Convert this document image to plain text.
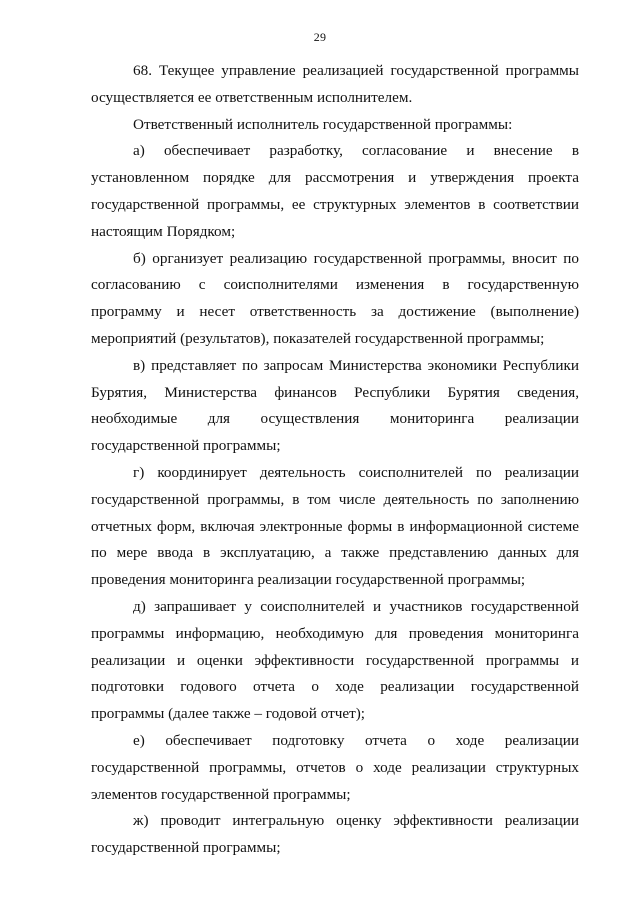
29

68. Текущее управление реализацией государственной программы осуществляется ее ответственным исполнителем.

Ответственный исполнитель государственной программы:

а) обеспечивает разработку, согласование и внесение в установленном порядке для рассмотрения и утверждения проекта государственной программы, ее структурных элементов в соответствии настоящим Порядком;

б) организует реализацию государственной программы, вносит по согласованию с соисполнителями изменения в государственную программу и несет ответственность за достижение (выполнение) мероприятий (результатов), показателей государственной программы;

в) представляет по запросам Министерства экономики Республики Бурятия, Министерства финансов Республики Бурятия сведения, необходимые для осуществления мониторинга реализации государственной программы;

г) координирует деятельность соисполнителей по реализации государственной программы, в том числе деятельность по заполнению отчетных форм, включая электронные формы в информационной системе по мере ввода в эксплуатацию, а также представлению данных для проведения мониторинга реализации государственной программы;

д) запрашивает у соисполнителей и участников государственной программы информацию, необходимую для проведения мониторинга реализации и оценки эффективности государственной программы и подготовки годового отчета о ходе реализации государственной программы (далее также – годовой отчет);

е) обеспечивает подготовку отчета о ходе реализации государственной программы, отчетов о ходе реализации структурных элементов государственной программы;

ж) проводит интегральную оценку эффективности реализации государственной программы;
